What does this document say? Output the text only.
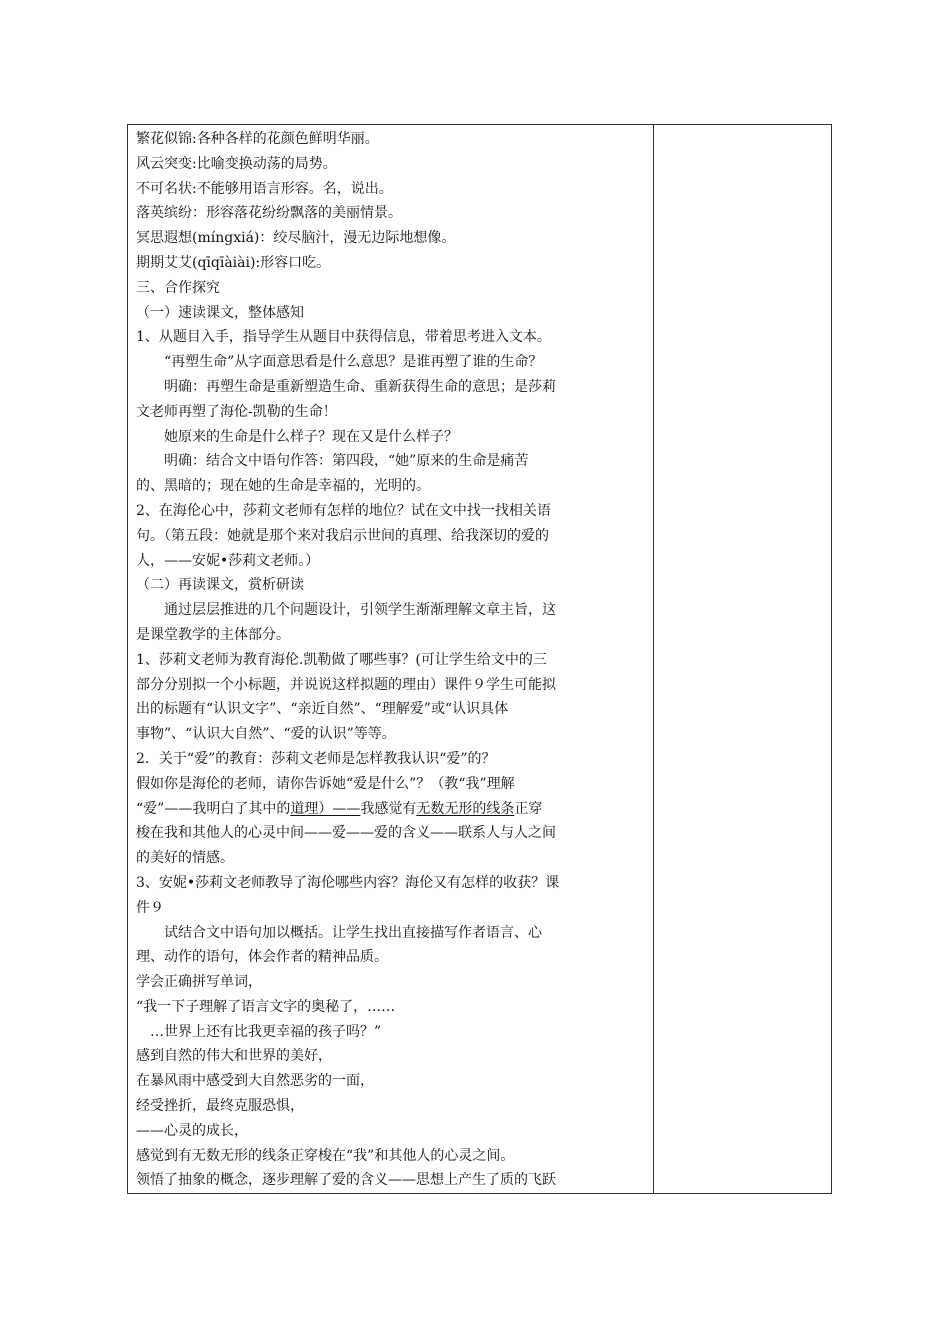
繁花似锦:各种各样的花颜色鲜明华丽。
风云突变:比喻变换动荡的局势。
不可名状:不能够用语言形容。名，说出。
落英缤纷：形容落花纷纷飘落的美丽情景。
冥思遐想(míngxiá)：绞尽脑汁，漫无边际地想像。
期期艾艾(qīqīàiài):形容口吃。
三、合作探究
（一）速读课文，整体感知
1、从题目入手，指导学生从题目中获得信息，带着思考进入文本。
“再塑生命”从字面意思看是什么意思？是谁再塑了谁的生命？
明确：再塑生命是重新塑造生命、重新获得生命的意思；是莎莉
文老师再塑了海伦-凯勒的生命！
她原来的生命是什么样子？现在又是什么样子？
明确：结合文中语句作答：第四段，“她”原来的生命是痛苦
的、黑暗的；现在她的生命是幸福的，光明的。
2、在海伦心中，莎莉文老师有怎样的地位？试在文中找一找相关语
句。（第五段：她就是那个来对我启示世间的真理、给我深切的爱的
人，——安妮•莎莉文老师。）
（二）再读课文，赏析研读
通过层层推进的几个问题设计，引领学生渐渐理解文章主旨，这
是课堂教学的主体部分。
1、莎莉文老师为教育海伦.凯勒做了哪些事？(可让学生给文中的三
部分分别拟一个小标题，并说说这样拟题的理由）课件９学生可能拟
出的标题有“认识文字”、“亲近自然”、“理解爱”或“认识具体
事物”、“认识大自然”、“爱的认识”等等。
2．关于“爱”的教育：莎莉文老师是怎样教我认识“爱”的？
假如你是海伦的老师，请你告诉她“爱是什么”？（教“我”理解
“爱”——我明白了其中的道理）——我感觉有无数无形的线条正穿
梭在我和其他人的心灵中间——爱——爱的含义——联系人与人之间
的美好的情感。
3、安妮•莎莉文老师教导了海伦哪些内容？海伦又有怎样的收获？课
件９
试结合文中语句加以概括。让学生找出直接描写作者语言、心
理、动作的语句，体会作者的精神品质。
学会正确拼写单词，
“我一下子理解了语言文字的奥秘了，……
…世界上还有比我更幸福的孩子吗？”
感到自然的伟大和世界的美好，
在暴风雨中感受到大自然恶劣的一面，
经受挫折，最终克服恐惧，
——心灵的成长，
感觉到有无数无形的线条正穿梭在“我”和其他人的心灵之间。
领悟了抽象的概念，逐步理解了爱的含义——思想上产生了质的飞跃
